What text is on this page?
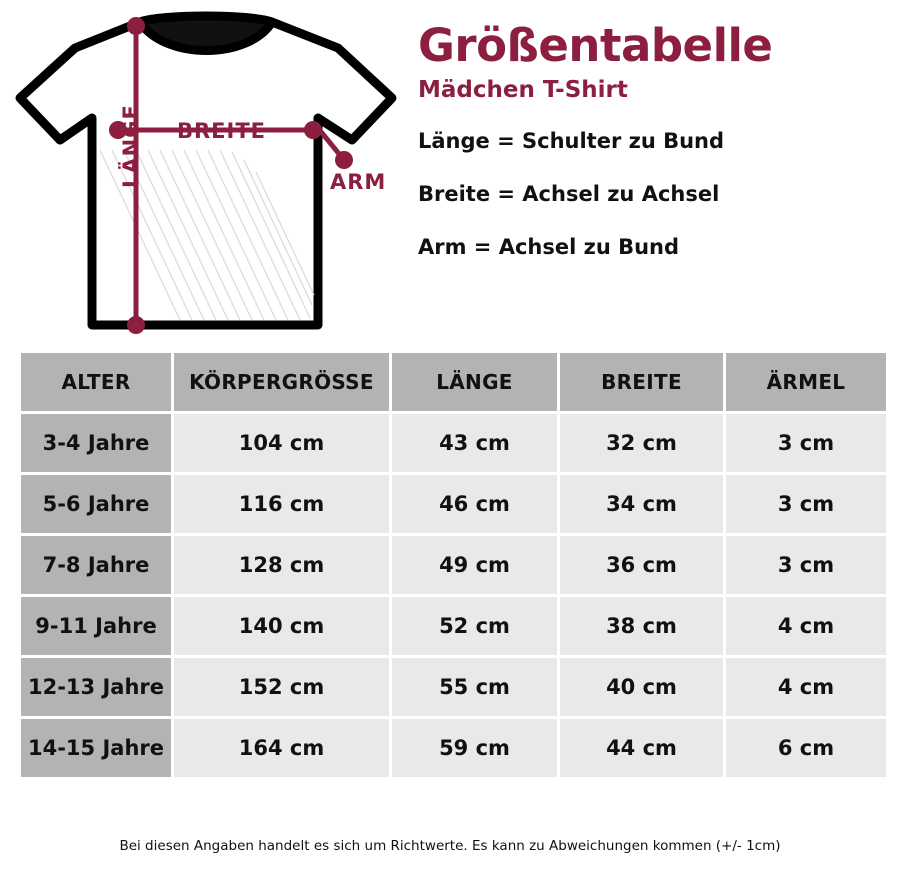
BREITE
ARM
LÄNGE
Größentabelle
Mädchen T-Shirt

Länge = Schulter zu Bund

Breite = Achsel zu Achsel

Arm = Achsel zu Bund

ALTER	KÖRPERGRÖSSE	LÄNGE	BREITE	ÄRMEL

3-4 Jahre	104 cm	43 cm	32 cm	3 cm

5-6 Jahre	116 cm	46 cm	34 cm	3 cm

7-8 Jahre	128 cm	49 cm	36 cm	3 cm

9-11 Jahre	140 cm	52 cm	38 cm	4 cm

12-13 Jahre	152 cm	55 cm	40 cm	4 cm

14-15 Jahre	164 cm	59 cm	44 cm	6 cm
Bei diesen Angaben handelt es sich um Richtwerte. Es kann zu Abweichungen kommen (+/- 1cm)
